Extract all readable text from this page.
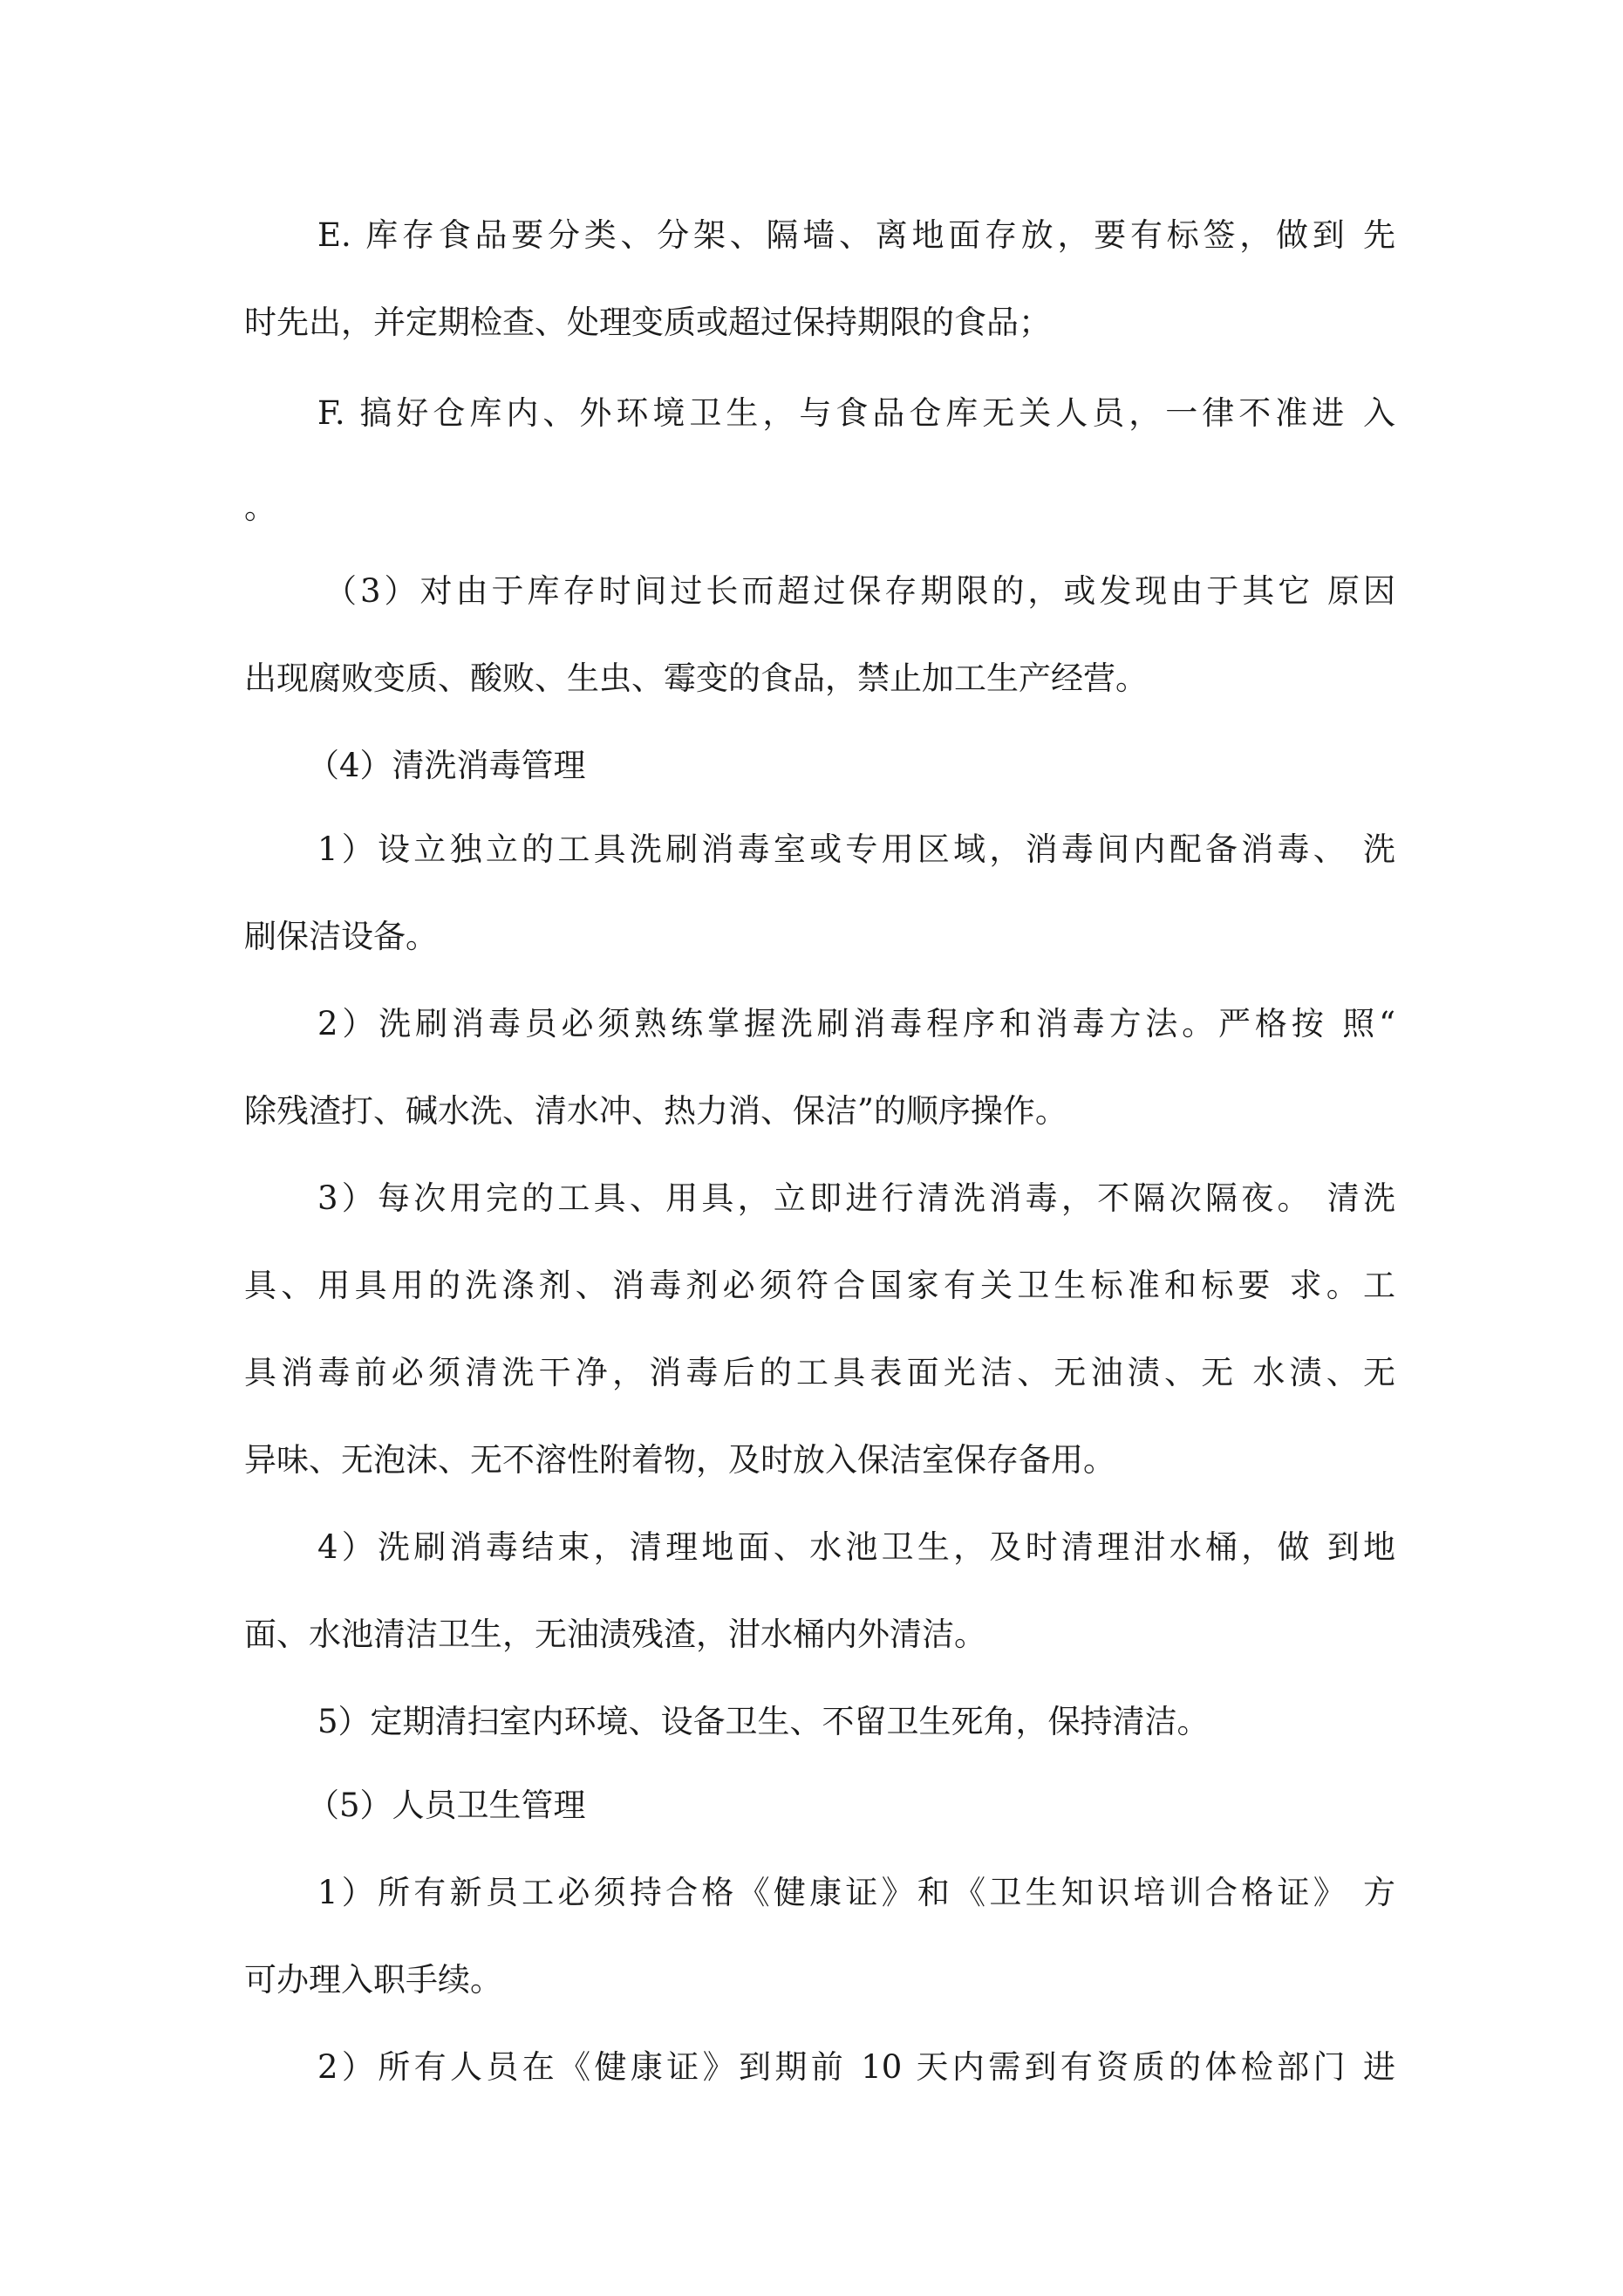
E. 库存食品要分类、分架、隔墙、离地面存放，要有标签，做到 先
时先出，并定期检查、处理变质或超过保持期限的食品；
F. 搞好仓库内、外环境卫生，与食品仓库无关人员，一律不准进 入
。
（3）对由于库存时间过长而超过保存期限的，或发现由于其它 原因
出现腐败变质、酸败、生虫、霉变的食品，禁止加工生产经营。
（4）清洗消毒管理
1）设立独立的工具洗刷消毒室或专用区域，消毒间内配备消毒、 洗
刷保洁设备。
2）洗刷消毒员必须熟练掌握洗刷消毒程序和消毒方法。严格按 照“
除残渣打、碱水洗、清水冲、热力消、保洁”的顺序操作。
3）每次用完的工具、用具，立即进行清洗消毒，不隔次隔夜。 清洗
具、用具用的洗涤剂、消毒剂必须符合国家有关卫生标准和标要 求。工
具消毒前必须清洗干净，消毒后的工具表面光洁、无油渍、无 水渍、无
异味、无泡沫、无不溶性附着物，及时放入保洁室保存备用。
4）洗刷消毒结束，清理地面、水池卫生，及时清理泔水桶，做 到地
面、水池清洁卫生，无油渍残渣，泔水桶内外清洁。
5）定期清扫室内环境、设备卫生、不留卫生死角，保持清洁。
（5）人员卫生管理
1）所有新员工必须持合格《健康证》和《卫生知识培训合格证》 方
可办理入职手续。
2）所有人员在《健康证》到期前 10 天内需到有资质的体检部门 进
